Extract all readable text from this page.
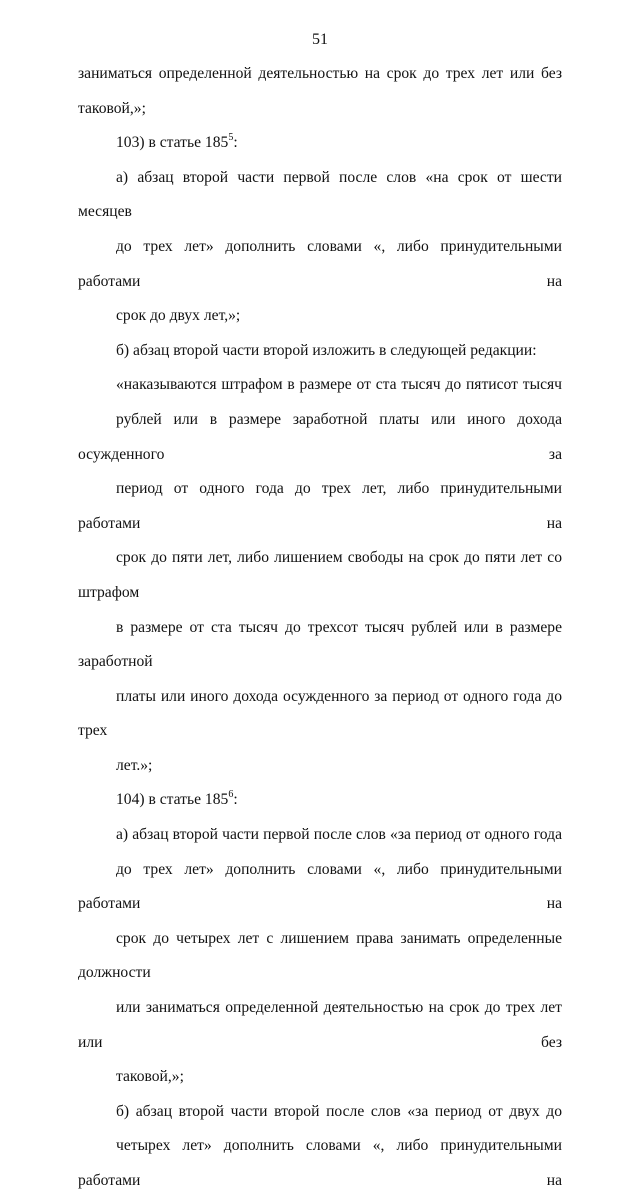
51

заниматься определенной деятельностью на срок до трех лет или без
таковой,»;

103) в статье $185^5$:

а) абзац второй части первой после слов «на срок от шести месяцев
до трех лет» дополнить словами «, либо принудительными работами на
срок до двух лет,»;

б) абзац второй части второй изложить в следующей редакции:

«наказываются штрафом в размере от ста тысяч до пятисот тысяч
рублей или в размере заработной платы или иного дохода осужденного за
период от одного года до трех лет, либо принудительными работами на
срок до пяти лет, либо лишением свободы на срок до пяти лет со штрафом
в размере от ста тысяч до трехсот тысяч рублей или в размере заработной
платы или иного дохода осужденного за период от одного года до трех
лет.»;

104) в статье $185^6$:

а) абзац второй части первой после слов «за период от одного года
до трех лет» дополнить словами «, либо принудительными работами на
срок до четырех лет с лишением права занимать определенные должности
или заниматься определенной деятельностью на срок до трех лет или без
таковой,»;

б) абзац второй части второй после слов «за период от двух до
четырех лет» дополнить словами «, либо принудительными работами на
